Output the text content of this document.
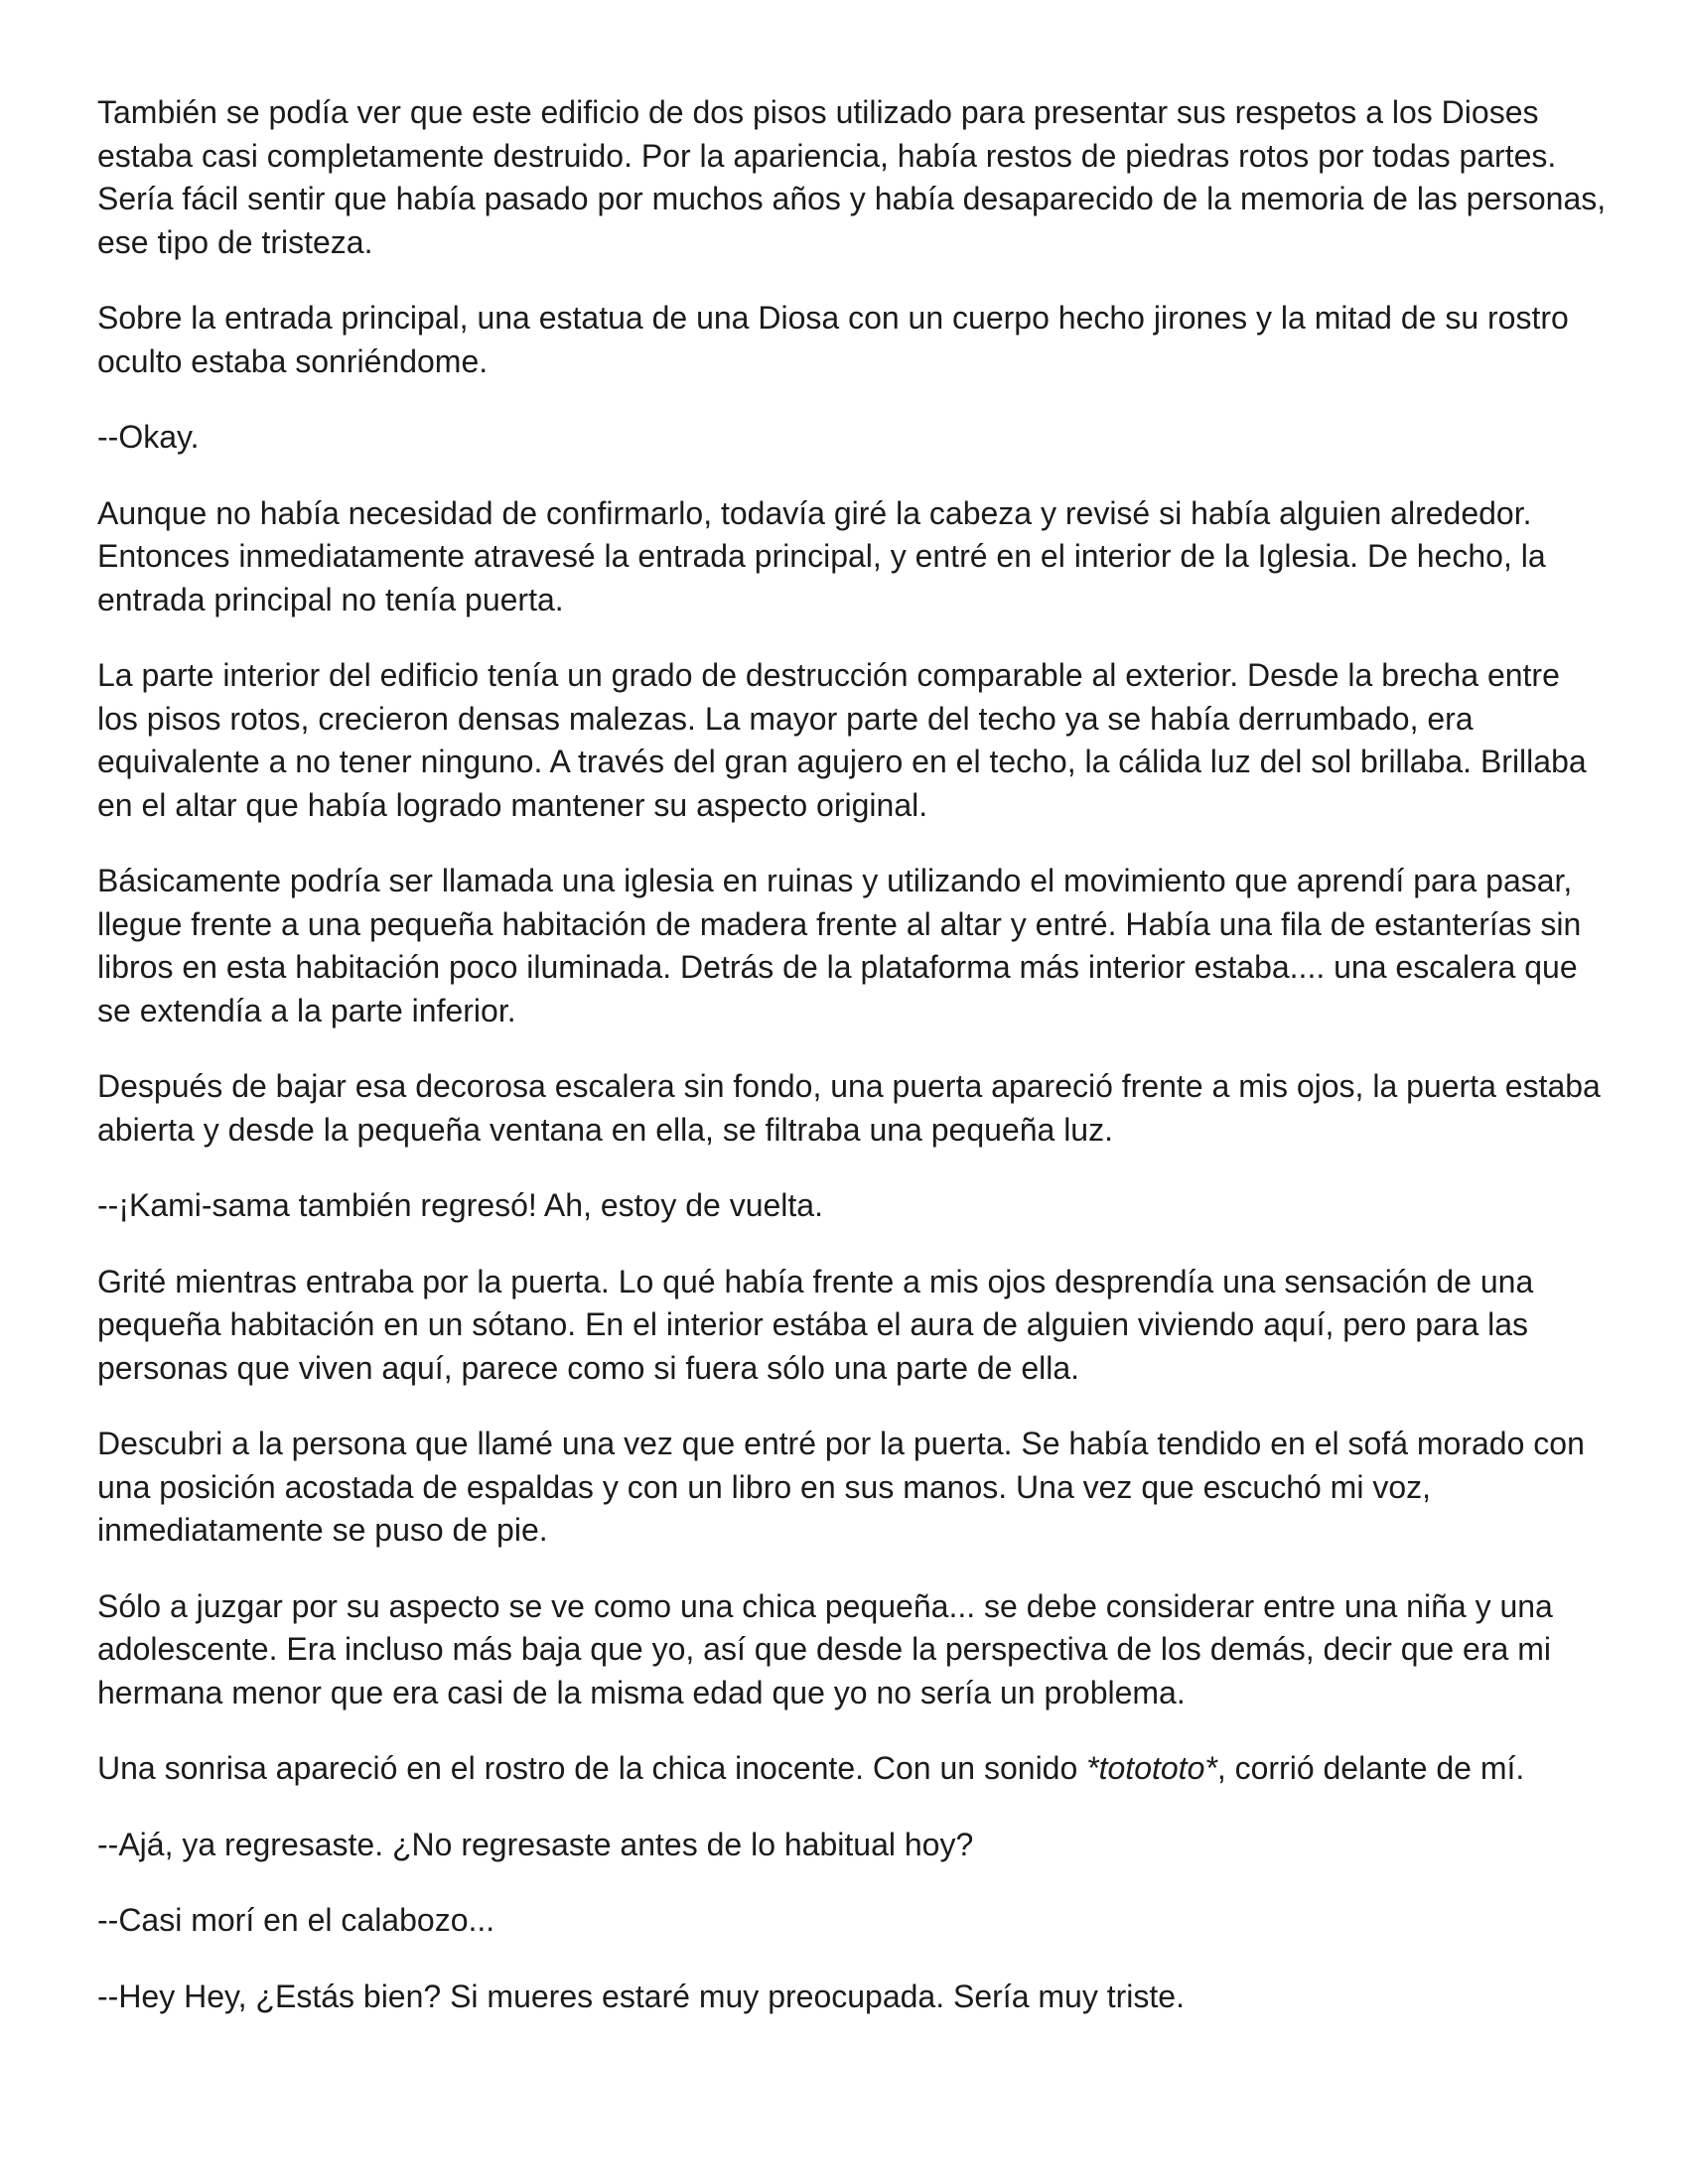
También se podía ver que este edificio de dos pisos utilizado para presentar sus respetos a los Dioses estaba casi completamente destruido. Por la apariencia, había restos de piedras rotos por todas partes. Sería fácil sentir que había pasado por muchos años y había desaparecido de la memoria de las personas, ese tipo de tristeza.

Sobre la entrada principal, una estatua de una Diosa con un cuerpo hecho jirones y la mitad de su rostro oculto estaba sonriéndome.

--Okay.

Aunque no había necesidad de confirmarlo, todavía giré la cabeza y revisé si había alguien alrededor. Entonces inmediatamente atravesé la entrada principal, y entré en el interior de la Iglesia. De hecho, la entrada principal no tenía puerta.

La parte interior del edificio tenía un grado de destrucción comparable al exterior. Desde la brecha entre los pisos rotos, crecieron densas malezas. La mayor parte del techo ya se había derrumbado, era equivalente a no tener ninguno. A través del gran agujero en el techo, la cálida luz del sol brillaba. Brillaba en el altar que había logrado mantener su aspecto original.

Básicamente podría ser llamada una iglesia en ruinas y utilizando el movimiento que aprendí para pasar, llegue frente a una pequeña habitación de madera frente al altar y entré. Había una fila de estanterías sin libros en esta habitación poco iluminada. Detrás de la plataforma más interior estaba.... una escalera que se extendía a la parte inferior.

Después de bajar esa decorosa escalera sin fondo, una puerta apareció frente a mis ojos, la puerta estaba abierta y desde la pequeña ventana en ella, se filtraba una pequeña luz.

--¡Kami-sama también regresó! Ah, estoy de vuelta.

Grité mientras entraba por la puerta. Lo qué había frente a mis ojos desprendía una sensación de una pequeña habitación en un sótano. En el interior estába el aura de alguien viviendo aquí, pero para las personas que viven aquí, parece como si fuera sólo una parte de ella.

Descubri a la persona que llamé una vez que entré por la puerta. Se había tendido en el sofá morado con una posición acostada de espaldas y con un libro en sus manos. Una vez que escuchó mi voz, inmediatamente se puso de pie.

Sólo a juzgar por su aspecto se ve como una chica pequeña... se debe considerar entre una niña y una adolescente. Era incluso más baja que yo, así que desde la perspectiva de los demás, decir que era mi hermana menor que era casi de la misma edad que yo no sería un problema.

Una sonrisa apareció en el rostro de la chica inocente. Con un sonido *totototo*, corrió delante de mí.

--Ajá, ya regresaste. ¿No regresaste antes de lo habitual hoy?

--Casi morí en el calabozo...

--Hey Hey, ¿Estás bien? Si mueres estaré muy preocupada. Sería muy triste.
